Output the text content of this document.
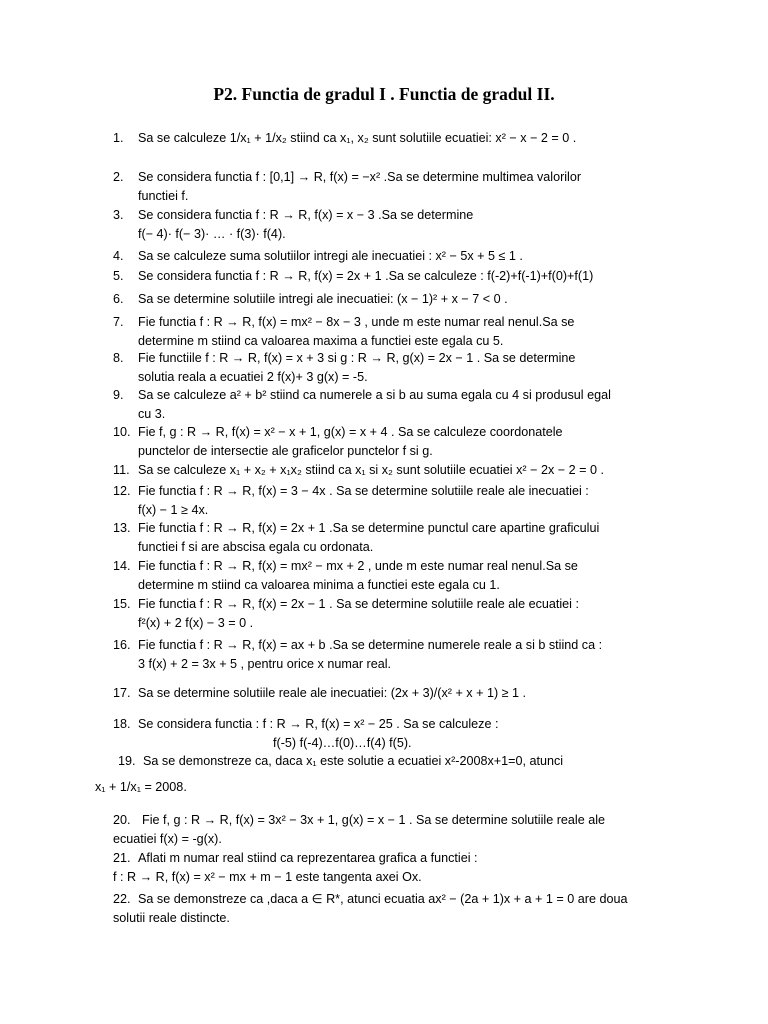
P2. Functia de gradul I . Functia de gradul II.
1. Sa se calculeze 1/x₁ + 1/x₂ stiind ca x₁, x₂ sunt solutiile ecuatiei: x² − x − 2 = 0 .
2. Se considera functia f : [0,1] → R, f(x) = −x² .Sa se determine multimea valorilor
functiei f.
3. Se considera functia f : R → R, f(x) = x − 3 .Sa se determine
f(− 4)· f(− 3)· … · f(3)· f(4).
4. Sa se calculeze suma solutiilor intregi ale inecuatiei : x² − 5x + 5 ≤ 1 .
5. Se considera functia f : R → R, f(x) = 2x + 1 .Sa se calculeze : f(-2)+f(-1)+f(0)+f(1)
6. Sa se determine solutiile intregi ale inecuatiei: (x − 1)² + x − 7 < 0 .
7. Fie functia f : R → R, f(x) = mx² − 8x − 3 , unde m este numar real nenul.Sa se
determine m stiind ca valoarea maxima a functiei este egala cu 5.
8. Fie functiile f : R → R, f(x) = x + 3 si g : R → R, g(x) = 2x − 1 . Sa se determine
solutia reala a ecuatiei 2 f(x)+ 3 g(x) = -5.
9. Sa se calculeze a² + b² stiind ca numerele a si b au suma egala cu 4 si produsul egal
cu 3.
10. Fie f, g : R → R, f(x) = x² − x + 1, g(x) = x + 4 . Sa se calculeze coordonatele
punctelor de intersectie ale graficelor punctelor f si g.
11. Sa se calculeze x₁ + x₂ + x₁x₂ stiind ca x₁ si x₂ sunt solutiile ecuatiei x² − 2x − 2 = 0 .
12. Fie functia f : R → R, f(x) = 3 − 4x . Sa se determine solutiile reale ale inecuatiei :
f(x) − 1 ≥ 4x.
13. Fie functia f : R → R, f(x) = 2x + 1 .Sa se determine punctul care apartine graficului
functiei f si are abscisa egala cu ordonata.
14. Fie functia f : R → R, f(x) = mx² − mx + 2 , unde m este numar real nenul.Sa se
determine m stiind ca valoarea minima a functiei este egala cu 1.
15. Fie functia f : R → R, f(x) = 2x − 1 . Sa se determine solutiile reale ale ecuatiei :
f²(x) + 2 f(x) − 3 = 0 .
16. Fie functia f : R → R, f(x) = ax + b .Sa se determine numerele reale a si b stiind ca :
3 f(x) + 2 = 3x + 5 , pentru orice x numar real.
17. Sa se determine solutiile reale ale inecuatiei: (2x + 3)/(x² + x + 1) ≥ 1 .
18. Se considera functia : f : R → R, f(x) = x² − 25 . Sa se calculeze :
f(-5) f(-4)…f(0)…f(4) f(5).
19. Sa se demonstreze ca, daca x₁ este solutie a ecuatiei x²-2008x+1=0, atunci
x₁ + 1/x₁ = 2008.
20. Fie f, g : R → R, f(x) = 3x² − 3x + 1, g(x) = x − 1 . Sa se determine solutiile reale ale
ecuatiei f(x) = -g(x).
21. Aflati m numar real stiind ca reprezentarea grafica a functiei :
f : R → R, f(x) = x² − mx + m − 1 este tangenta axei Ox.
22. Sa se demonstreze ca ,daca a ∈ R*, atunci ecuatia ax² − (2a + 1)x + a + 1 = 0 are doua
solutii reale distincte.
